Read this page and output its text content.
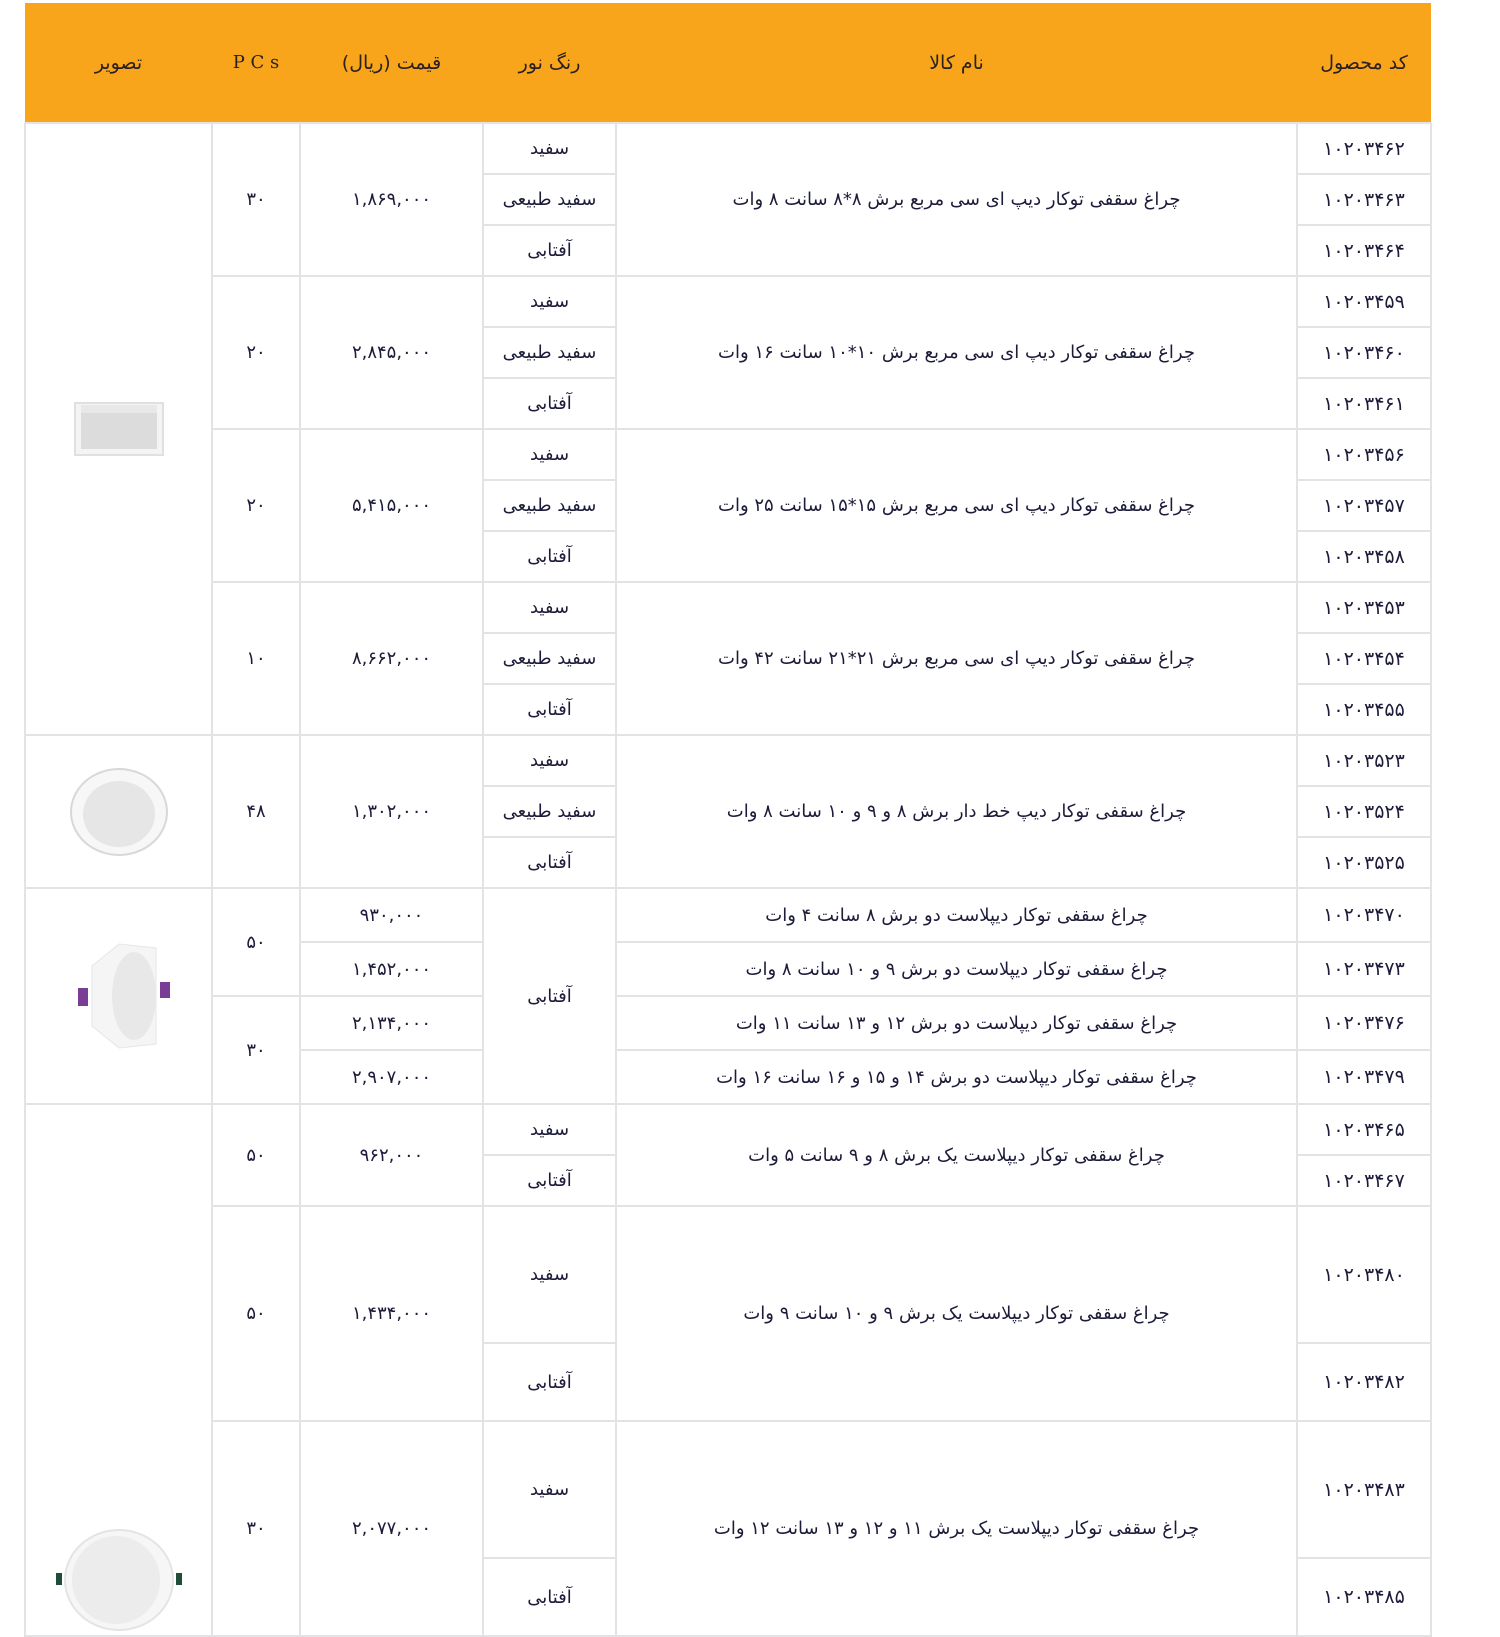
کد محصول	نام کالا	رنگ نور	قیمت (ریال)	P C s	تصویر
۱۰۲۰۳۴۶۲	چراغ سقفی توکار دیپ ای سی مربع برش ۸*۸ سانت ۸ وات	سفید	۱,۸۶۹,۰۰۰	۳۰	

۱۰۲۰۳۴۶۳		سفید طبیعی			
۱۰۲۰۳۴۶۴		آفتابی			
۱۰۲۰۳۴۵۹	چراغ سقفی توکار دیپ ای سی مربع برش ۱۰*۱۰ سانت ۱۶ وات	سفید	۲,۸۴۵,۰۰۰	۲۰	
۱۰۲۰۳۴۶۰		سفید طبیعی			
۱۰۲۰۳۴۶۱		آفتابی			
۱۰۲۰۳۴۵۶	چراغ سقفی توکار دیپ ای سی مربع برش ۱۵*۱۵ سانت ۲۵ وات	سفید	۵,۴۱۵,۰۰۰	۲۰	
۱۰۲۰۳۴۵۷		سفید طبیعی			
۱۰۲۰۳۴۵۸		آفتابی			
۱۰۲۰۳۴۵۳	چراغ سقفی توکار دیپ ای سی مربع برش ۲۱*۲۱ سانت ۴۲ وات	سفید	۸,۶۶۲,۰۰۰	۱۰	
۱۰۲۰۳۴۵۴		سفید طبیعی			
۱۰۲۰۳۴۵۵		آفتابی			
۱۰۲۰۳۵۲۳	چراغ سقفی توکار دیپ خط دار برش ۸ و ۹ و ۱۰ سانت ۸ وات	سفید	۱,۳۰۲,۰۰۰	۴۸	

۱۰۲۰۳۵۲۴		سفید طبیعی			
۱۰۲۰۳۵۲۵		آفتابی			
۱۰۲۰۳۴۷۰	چراغ سقفی توکار دیپلاست دو برش ۸ سانت ۴ وات	آفتابی	۹۳۰,۰۰۰	۵۰	

۱۰۲۰۳۴۷۳	چراغ سقفی توکار دیپلاست دو برش ۹ و ۱۰ سانت ۸ وات		۱,۴۵۲,۰۰۰		
۱۰۲۰۳۴۷۶	چراغ سقفی توکار دیپلاست دو برش ۱۲ و ۱۳ سانت ۱۱ وات		۲,۱۳۴,۰۰۰	۳۰	
۱۰۲۰۳۴۷۹	چراغ سقفی توکار دیپلاست دو برش ۱۴ و ۱۵ و ۱۶ سانت ۱۶ وات		۲,۹۰۷,۰۰۰		
۱۰۲۰۳۴۶۵	چراغ سقفی توکار دیپلاست یک برش ۸ و ۹ سانت ۵ وات	سفید	۹۶۲,۰۰۰	۵۰	

۱۰۲۰۳۴۶۷		آفتابی			
۱۰۲۰۳۴۸۰	چراغ سقفی توکار دیپلاست یک برش ۹ و ۱۰ سانت ۹ وات	سفید	۱,۴۳۴,۰۰۰	۵۰	
۱۰۲۰۳۴۸۲		آفتابی			
۱۰۲۰۳۴۸۳	چراغ سقفی توکار دیپلاست یک برش ۱۱ و ۱۲ و ۱۳ سانت ۱۲ وات	سفید	۲,۰۷۷,۰۰۰	۳۰	
۱۰۲۰۳۴۸۵		آفتابی			
